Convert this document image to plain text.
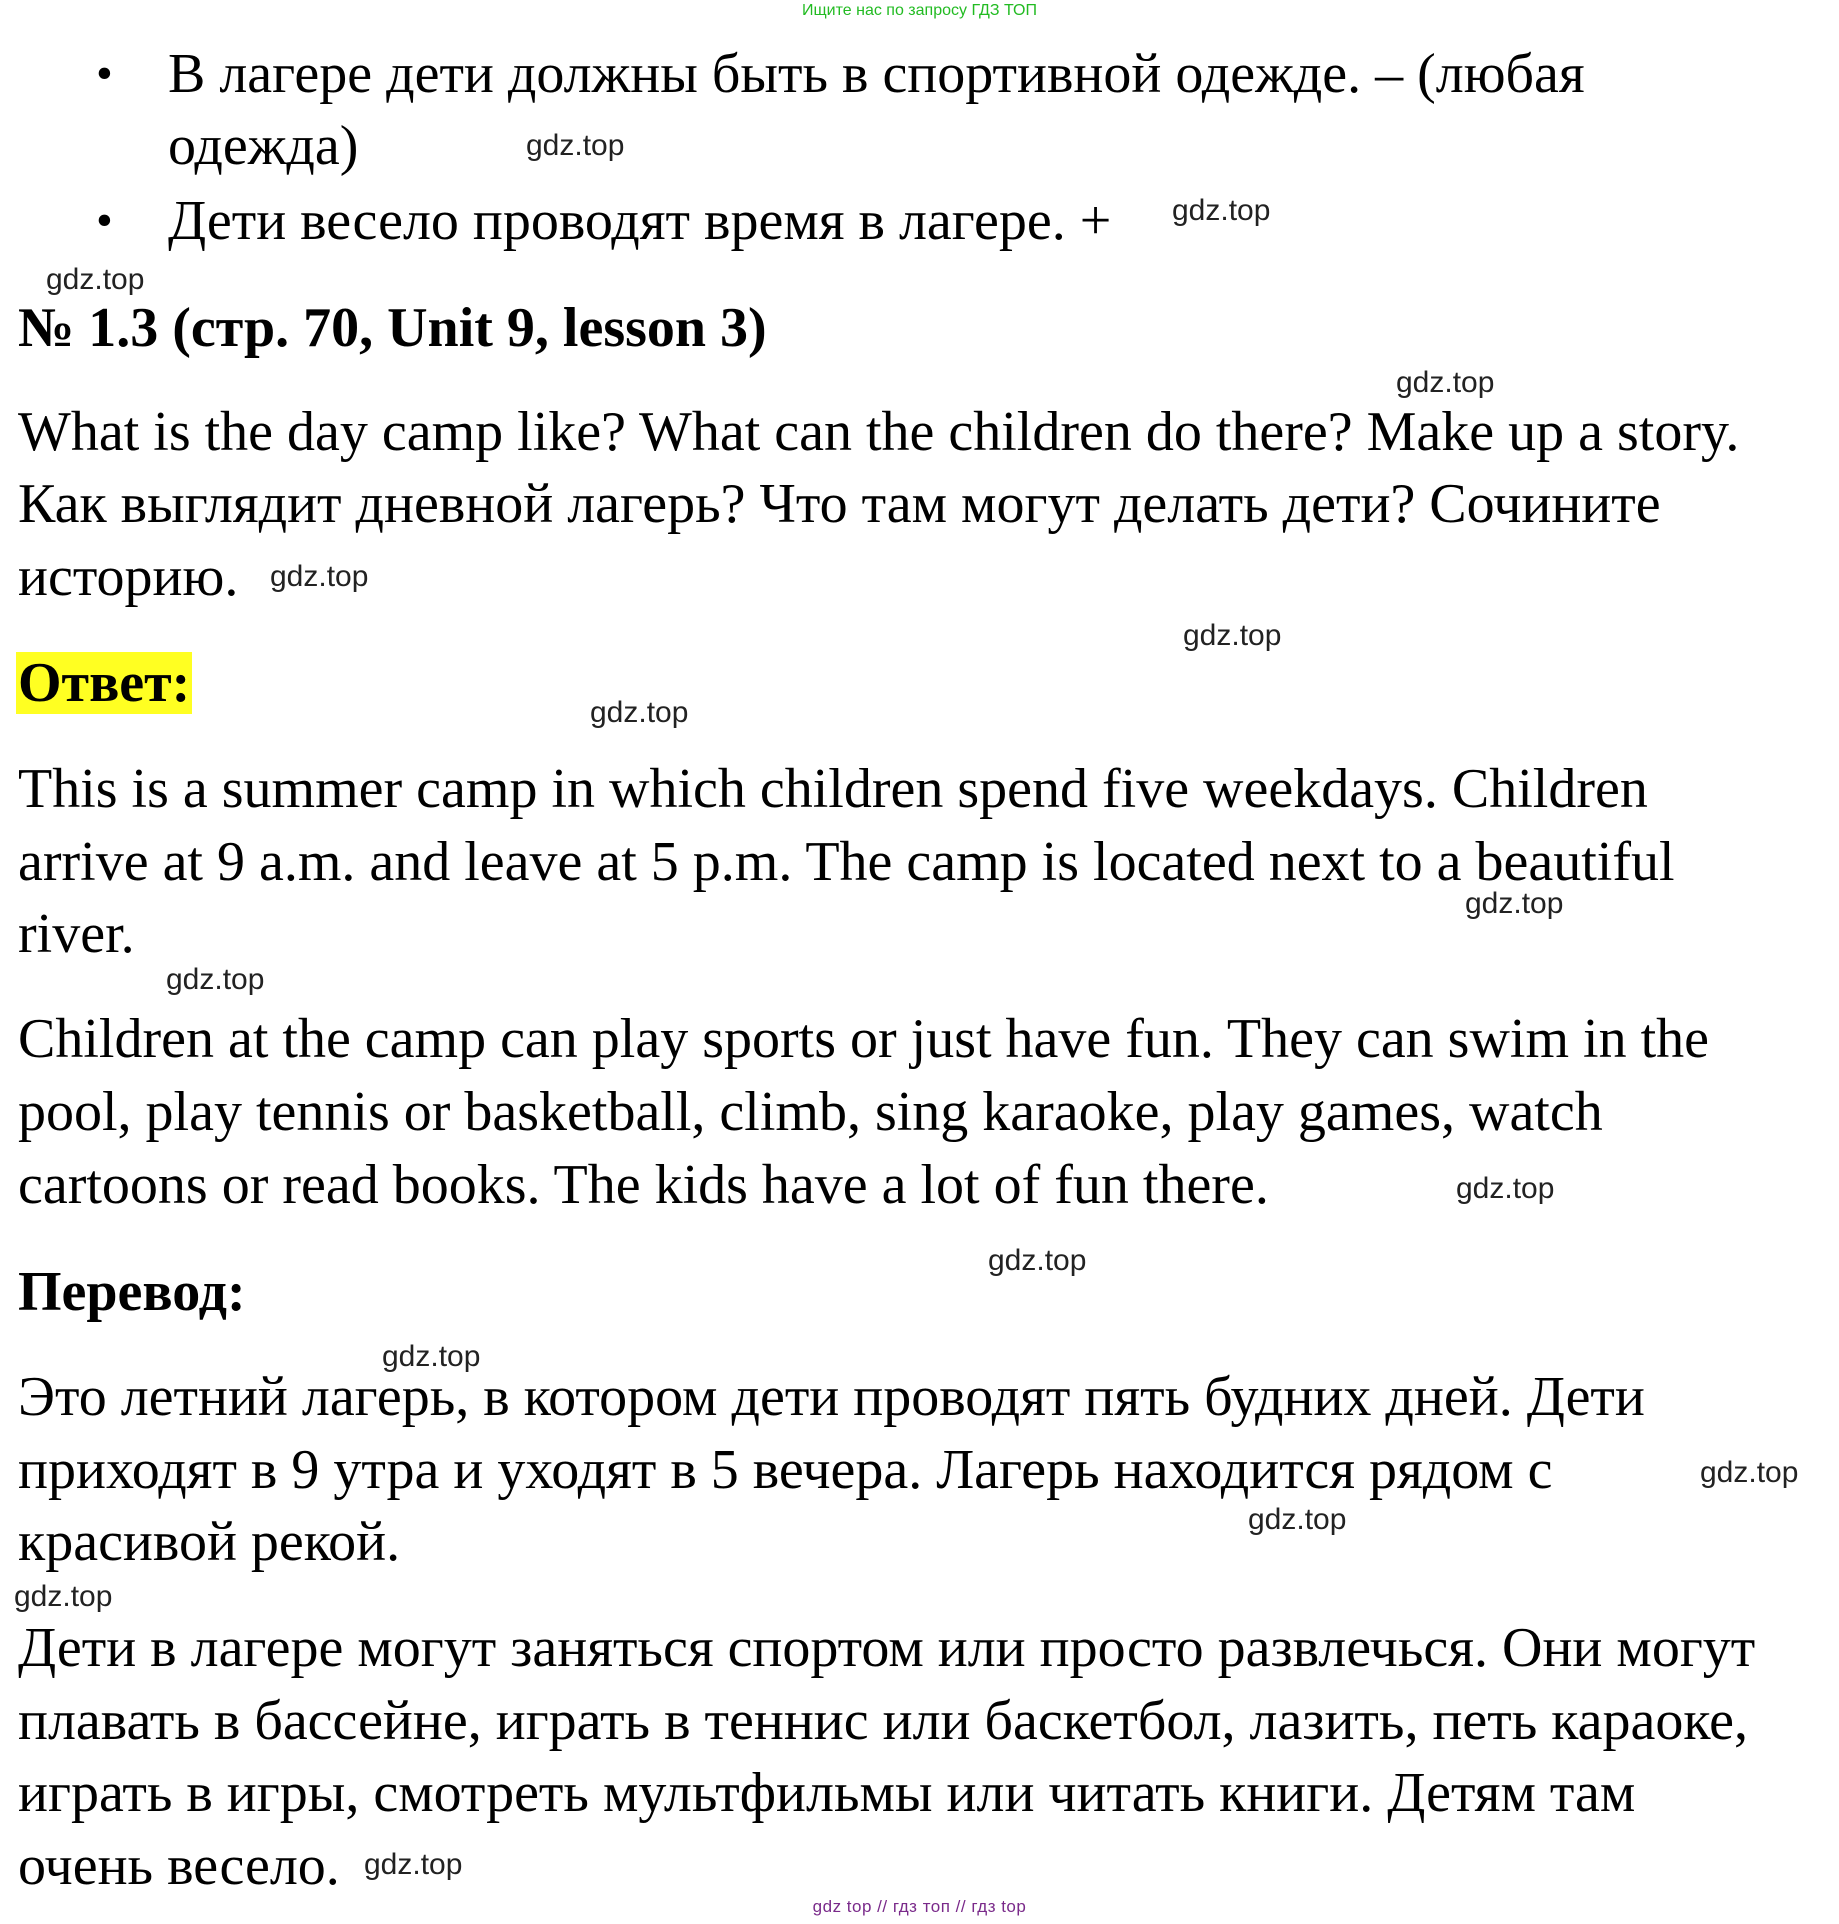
Ищите нас по запросу ГДЗ ТОП
• В лагере дети должны быть в спортивной одежде. – (любая
одежда)
• Дети весело проводят время в лагере. +
№ 1.3 (стр. 70, Unit 9, lesson 3)
What is the day camp like? What can the children do there? Make up a story.
Как выглядит дневной лагерь? Что там могут делать дети? Сочините
историю.
Ответ:
This is a summer camp in which children spend five weekdays. Children
arrive at 9 a.m. and leave at 5 p.m. The camp is located next to a beautiful
river.
Children at the camp can play sports or just have fun. They can swim in the
pool, play tennis or basketball, climb, sing karaoke, play games, watch
cartoons or read books. The kids have a lot of fun there.
Перевод:
Это летний лагерь, в котором дети проводят пять будних дней. Дети
приходят в 9 утра и уходят в 5 вечера. Лагерь находится рядом с
красивой рекой.
Дети в лагере могут заняться спортом или просто развлечься. Они могут
плавать в бассейне, играть в теннис или баскетбол, лазить, петь караоке,
играть в игры, смотреть мультфильмы или читать книги. Детям там
очень весело.
gdz.top
gdz.top
gdz.top
gdz.top
gdz.top
gdz.top
gdz.top
gdz.top
gdz.top
gdz.top
gdz.top
gdz.top
gdz.top
gdz.top
gdz.top
gdz.top
gdz top // гдз топ // гдз top
